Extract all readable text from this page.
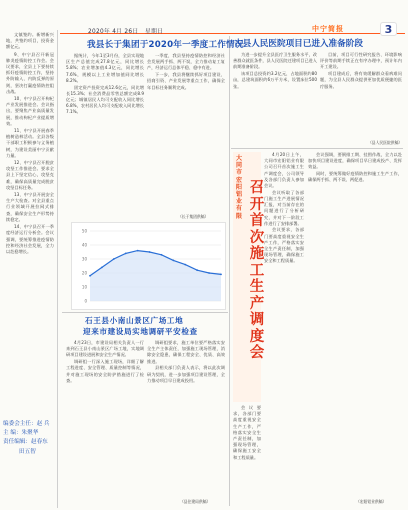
2020年 4月 26日 星期日	中宁简报	3

文镇签约。新增新兴地，共签约项目，投资金额亿元。

9、中宁县召开新冠肺炎疫情防控工作会。会议要求，全县上下要持续抓好疫情防控工作，坚持外防输入、内防反弹的原则，坚决打赢疫情防控阻击战。

10、中宁县召开枸杞产业发展推进会。会议指出，要聚焦产业高质量发展，推动枸杞产业提质增效。

11、中宁县开展春季植树造林活动。全县各级干部职工积极参与义务植树，为建设美丽中宁贡献力量。

12、中宁县召开脱贫攻坚工作推进会。要求全县上下坚定信心，攻坚克难，确保高质量完成脱贫攻坚目标任务。

13、中宁县开展安全生产大检查。对全县重点行业领域开展拉网式排查，确保安全生产形势持续稳定。

14、中宁县召开一季度经济运行分析会。会议强调，要统筹推进疫情防控和经济社会发展，全力以赴稳增长。

编委会主任：赵 兵
主 编：朱聚华
责任编辑：赵春东
田五智
我县长于集团于2020年一季度工作情况

据统计，今年1至3月份，全县实现地区生产总值完成27.8亿元，同比增长5.8%；农业增加值4.3亿元，同比增长7.6%，规模以上工业增加值同比增长8.2%。

固定资产投资完成12.6亿元，同比增长15.3%；社会消费品零售总额完成8.9亿元；城镇居民人均可支配收入同比增长6.8%，农村居民人均可支配收入同比增长7.1%。

一季度，我县坚持疫情防控和经济社会发展两手抓、两不误，全力推动复工复产，经济运行总体平稳、稳中有进。

下一步，我县将继续抓好项目建设、招商引资、产业发展等重点工作，确保全年目标任务顺利完成。

（长于集团供稿）
0
10
20
30
40
50
石王县小南山景区广场工地
迎来市建设局实地调研平安检查

4月23日，市建设局相关负责人一行来到石王县小南山景区广场工地，实地调研项目建设进展和安全生产情况。

调研组一行深入施工现场，详细了解工程进度、安全管理、质量控制等情况，并对施工现场的安全防护措施进行了检查。

调研组要求，施工单位要严格落实安全生产主体责任，加强施工现场管理，消除安全隐患，确保工程安全、优质、高效推进。

县相关部门负责人表示，将以此次调研为契机，进一步加强项目建设管理，全力推动项目早日建成投用。

（县住建局供稿）
古县人民医院项目已进入准备阶段

为进一步提升全县医疗卫生服务水平，改善群众就医条件，县人民医院迁建项目已进入前期准备阶段。

该项目总投资约3.2亿元，占地面积约80亩，总建筑面积约6万平方米，设置床位500张。

目前，项目可行性研究报告、环境影响评价等前期手续正在有序办理中，预计年内开工建设。

项目建成后，将有效缓解群众看病难问题，为全县人民群众提供更加优质便捷的医疗服务。

（县人民医院供稿）
大
同
市
宏
阳
铝
业
有
限
召
开
首
次
施
工
生
产
调
度
会

4月20日上午，大同市宏阳铝业有限公司召开首次施工生产调度会，公司领导及各部门负责人参加会议。

会议听取了各部门施工生产进展情况汇报，对当前存在的问题进行了分析研究，并对下一阶段工作进行了安排部署。

会议要求，各部门要高度重视安全生产工作，严格落实安全生产责任制，加强现场管理，确保施工安全和工程质量。

会议强调，要倒排工期、挂图作战，全力以赴加快项目建设进度，确保项目早日建成投产、发挥效益。

同时，要统筹做好疫情防控和施工生产工作，确保两手抓、两不误、两促进。

会议要求，各部门要高度重视安全生产工作，严格落实安全生产责任制，加强现场管理，确保施工安全和工程质量。

（宏阳铝业供稿）
